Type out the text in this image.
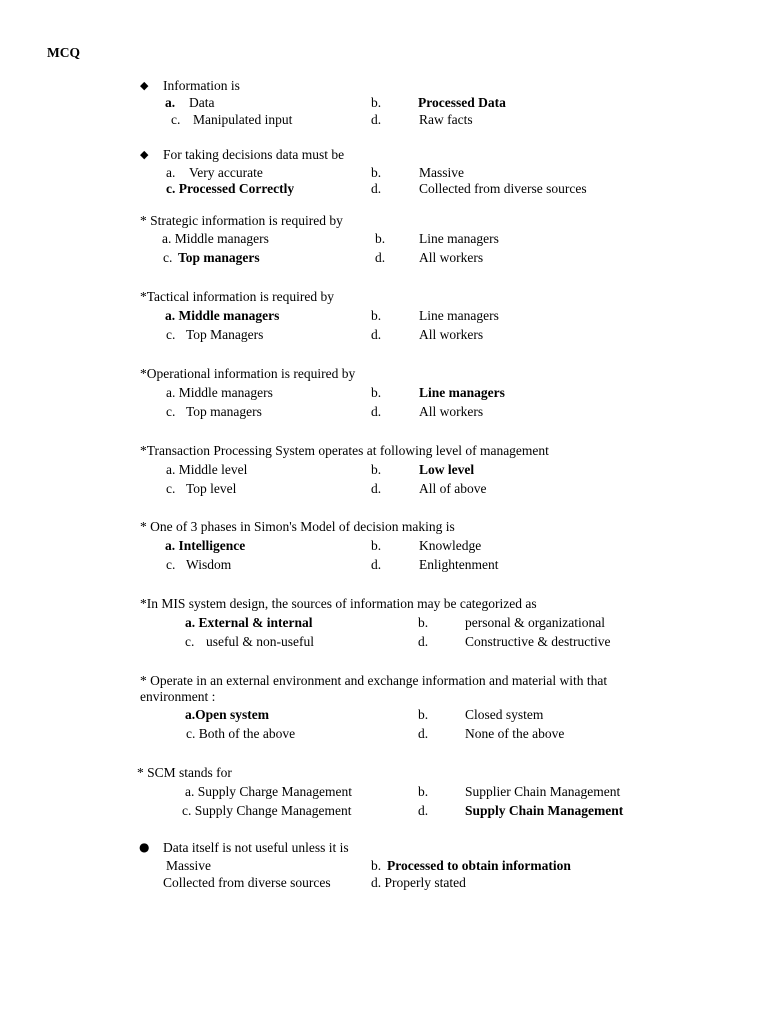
MCQ
◆ Information is
a. Data	b.	Processed Data
c. Manipulated input	d.	Raw facts
◆ For taking decisions data must be
a. Very accurate	b.	Massive
c. Processed Correctly	d.	Collected from diverse sources
* Strategic information is required by
a. Middle managers	b.	Line managers
c. Top managers	d.	All workers
*Tactical information is required by
a. Middle managers	b.	Line managers
c. Top Managers	d.	All workers
*Operational information is required by
a. Middle managers	b.	Line managers
c. Top managers	d.	All workers
*Transaction Processing System operates at following level of management
a. Middle level	b.	Low level
c. Top level	d.	All of above
* One of 3 phases in Simon's Model of decision making is
a. Intelligence	b.	Knowledge
c. Wisdom	d.	Enlightenment
*In MIS system design, the sources of information may be categorized as
a. External & internal	b.	personal & organizational
c. useful & non-useful	d.	Constructive & destructive
* Operate in an external environment and exchange information and material with that
environment :
a.Open system	b.	Closed system
c. Both of the above	d.	None of the above
* SCM stands for
a. Supply Charge Management	b.	Supplier Chain Management
c. Supply Change Management	d.	Supply Chain Management
● Data itself is not useful unless it is
Massive	b. Processed to obtain information
Collected from diverse sources	d. Properly stated
